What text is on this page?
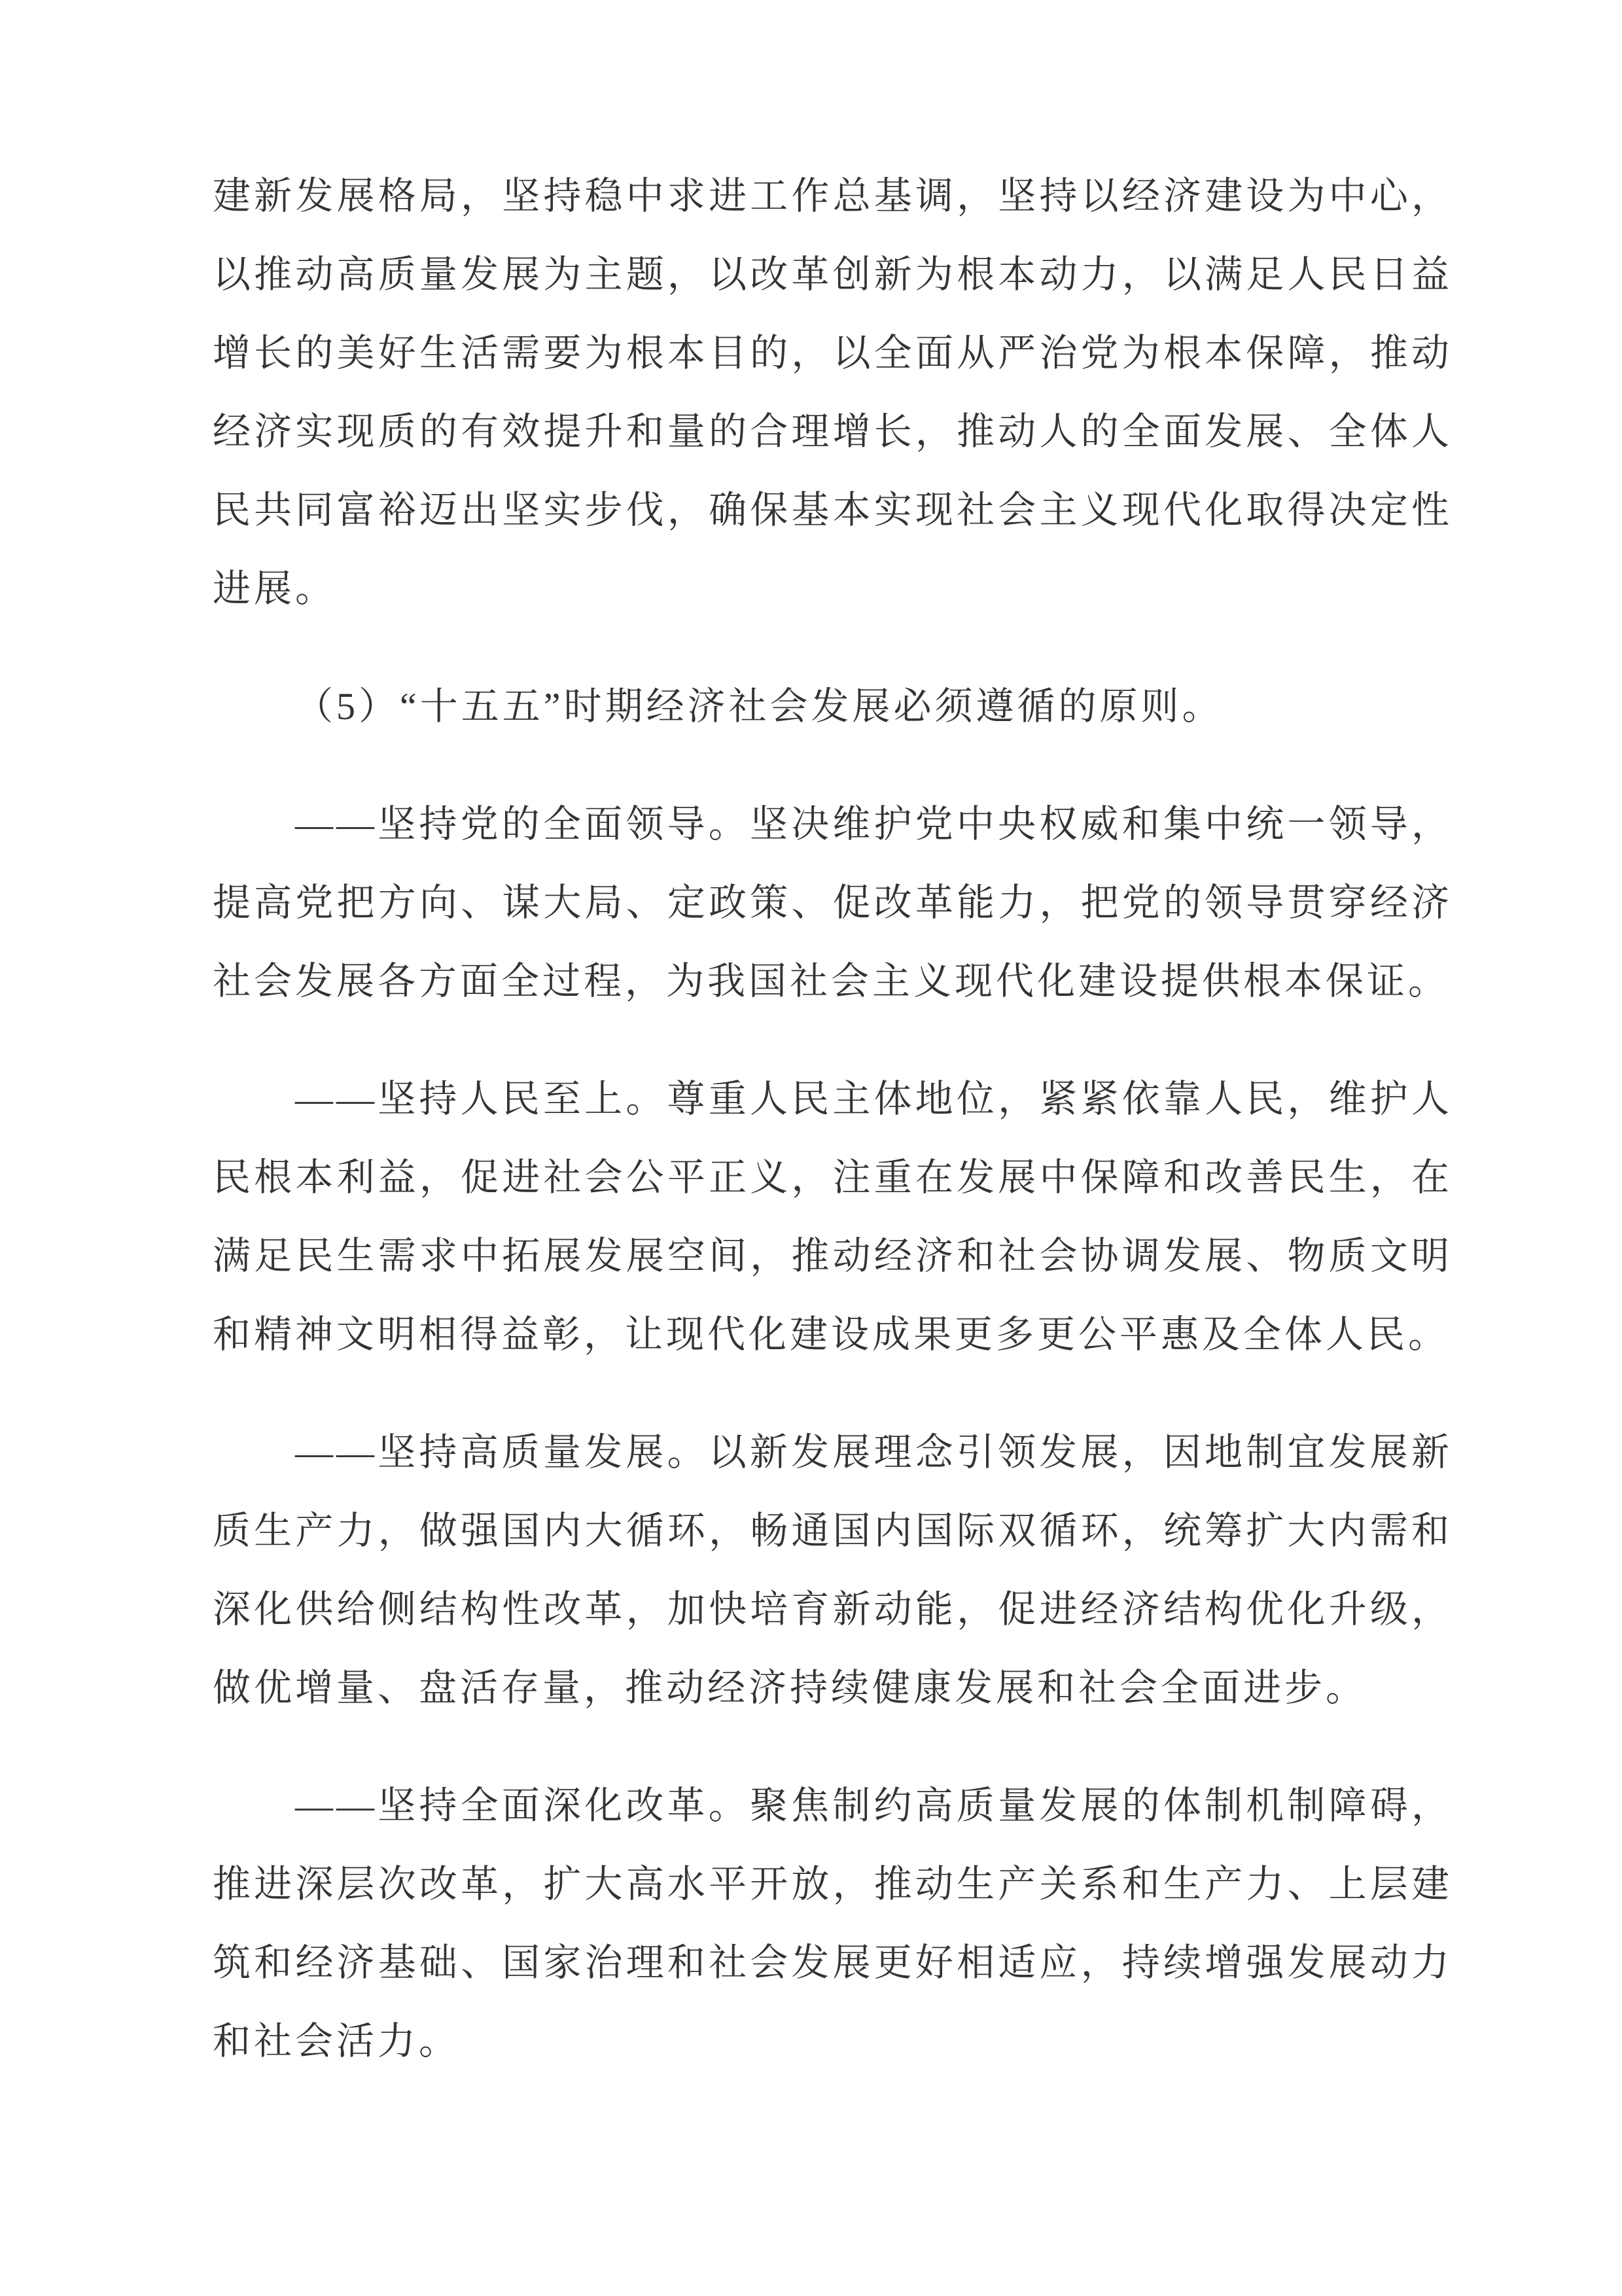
建新发展格局，坚持稳中求进工作总基调，坚持以经济建设为中心，
以推动高质量发展为主题，以改革创新为根本动力，以满足人民日益
增长的美好生活需要为根本目的，以全面从严治党为根本保障，推动
经济实现质的有效提升和量的合理增长，推动人的全面发展、全体人
民共同富裕迈出坚实步伐，确保基本实现社会主义现代化取得决定性
进展。
（5）“十五五”时期经济社会发展必须遵循的原则。
——坚持党的全面领导。坚决维护党中央权威和集中统一领导，
提高党把方向、谋大局、定政策、促改革能力，把党的领导贯穿经济
社会发展各方面全过程，为我国社会主义现代化建设提供根本保证。
——坚持人民至上。尊重人民主体地位，紧紧依靠人民，维护人
民根本利益，促进社会公平正义，注重在发展中保障和改善民生，在
满足民生需求中拓展发展空间，推动经济和社会协调发展、物质文明
和精神文明相得益彰，让现代化建设成果更多更公平惠及全体人民。
——坚持高质量发展。以新发展理念引领发展，因地制宜发展新
质生产力，做强国内大循环，畅通国内国际双循环，统筹扩大内需和
深化供给侧结构性改革，加快培育新动能，促进经济结构优化升级，
做优增量、盘活存量，推动经济持续健康发展和社会全面进步。
——坚持全面深化改革。聚焦制约高质量发展的体制机制障碍，
推进深层次改革，扩大高水平开放，推动生产关系和生产力、上层建
筑和经济基础、国家治理和社会发展更好相适应，持续增强发展动力
和社会活力。
